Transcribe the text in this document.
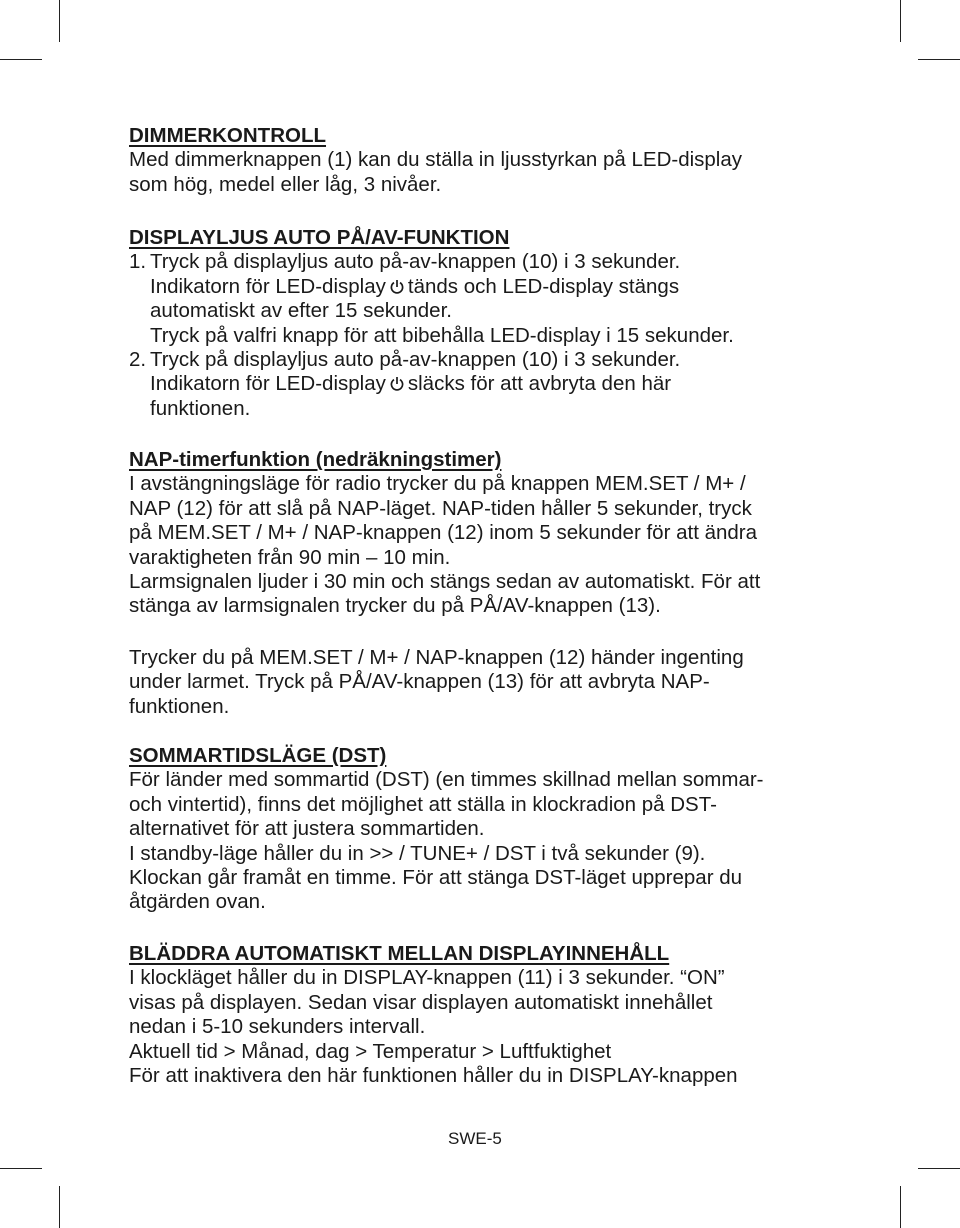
DIMMERKONTROLL
Med dimmerknappen (1) kan du ställa in ljusstyrkan på LED-display
som hög, medel eller låg, 3 nivåer.
DISPLAYLJUS AUTO PÅ/AV-FUNKTION
1. Tryck på displayljus auto på-av-knappen (10) i 3 sekunder.
Indikatorn för LED-display tänds och LED-display stängs
automatiskt av efter 15 sekunder.
Tryck på valfri knapp för att bibehålla LED-display i 15 sekunder.
2. Tryck på displayljus auto på-av-knappen (10) i 3 sekunder.
Indikatorn för LED-display släcks för att avbryta den här
funktionen.
NAP-timerfunktion (nedräkningstimer)
I avstängningsläge för radio trycker du på knappen MEM.SET / M+ /
NAP (12) för att slå på NAP-läget. NAP-tiden håller 5 sekunder, tryck
på MEM.SET / M+ / NAP-knappen (12) inom 5 sekunder för att ändra
varaktigheten från 90 min – 10 min.
Larmsignalen ljuder i 30 min och stängs sedan av automatiskt. För att
stänga av larmsignalen trycker du på PÅ/AV-knappen (13).
Trycker du på MEM.SET / M+ / NAP-knappen (12) händer ingenting
under larmet. Tryck på PÅ/AV-knappen (13) för att avbryta NAP-
funktionen.
SOMMARTIDSLÄGE (DST)
För länder med sommartid (DST) (en timmes skillnad mellan sommar-
och vintertid), finns det möjlighet att ställa in klockradion på DST-
alternativet för att justera sommartiden.
I standby-läge håller du in >> / TUNE+ / DST i två sekunder (9).
Klockan går framåt en timme. För att stänga DST-läget upprepar du
åtgärden ovan.
BLÄDDRA AUTOMATISKT MELLAN DISPLAYINNEHÅLL
I klockläget håller du in DISPLAY-knappen (11) i 3 sekunder. “ON”
visas på displayen. Sedan visar displayen automatiskt innehållet
nedan i 5-10 sekunders intervall.
Aktuell tid > Månad, dag > Temperatur > Luftfuktighet
För att inaktivera den här funktionen håller du in DISPLAY-knappen
SWE-5
